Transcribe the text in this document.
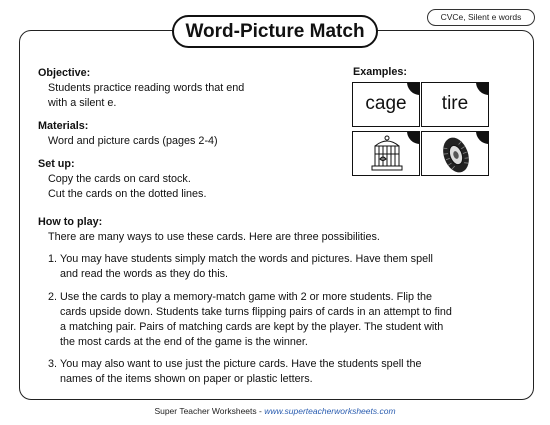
CVCe, Silent e words
Word-Picture Match
Objective:
Students practice reading words that end
with a silent e.
Materials:
Word and picture cards (pages 2-4)
Set up:
Copy the cards on card stock.
Cut the cards on the dotted lines.
Examples:
cage	tire
How to play:
There are many ways to use these cards. Here are three possibilities.
1. You may have students simply match the words and pictures. Have them spell
and read the words as they do this.
2. Use the cards to play a memory-match game with 2 or more students. Flip the
cards upside down. Students take turns flipping pairs of cards in an attempt to find
a matching pair. Pairs of matching cards are kept by the player. The student with
the most cards at the end of the game is the winner.
3. You may also want to use just the picture cards. Have the students spell the
names of the items shown on paper or plastic letters.
Super Teacher Worksheets - www.superteacherworksheets.com
